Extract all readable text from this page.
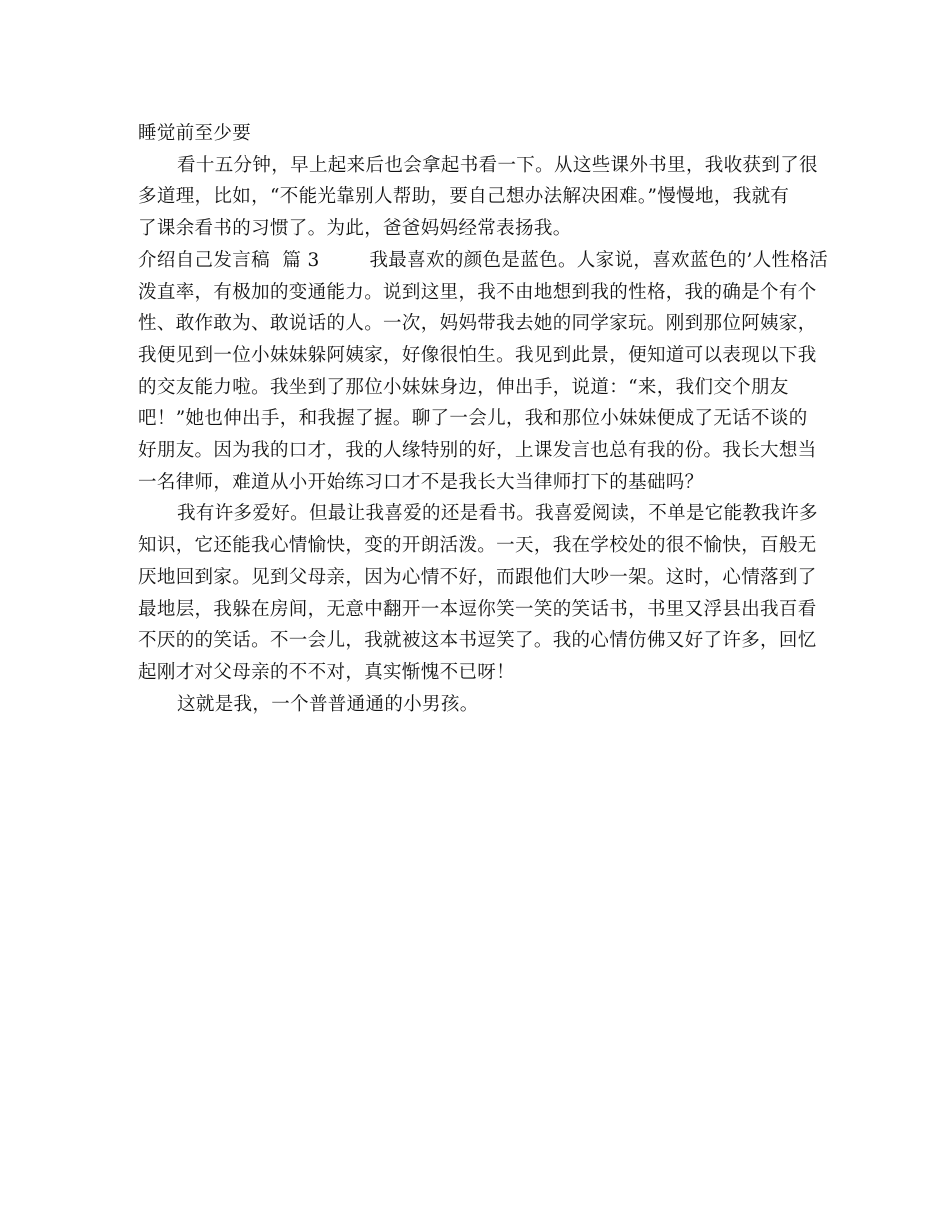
睡觉前至少要
看十五分钟，早上起来后也会拿起书看一下。从这些课外书里，我收获到了很
多道理，比如，“不能光靠别人帮助，要自己想办法解决困难。”慢慢地，我就有
了课余看书的习惯了。为此，爸爸妈妈经常表扬我。
介绍自己发言稿  篇 3        我最喜欢的颜色是蓝色。人家说，喜欢蓝色的’人性格活
泼直率，有极加的变通能力。说到这里，我不由地想到我的性格，我的确是个有个
性、敢作敢为、敢说话的人。一次，妈妈带我去她的同学家玩。刚到那位阿姨家，
我便见到一位小妹妹躲阿姨家，好像很怕生。我见到此景，便知道可以表现以下我
的交友能力啦。我坐到了那位小妹妹身边，伸出手，说道：“来，我们交个朋友
吧！”她也伸出手，和我握了握。聊了一会儿，我和那位小妹妹便成了无话不谈的
好朋友。因为我的口才，我的人缘特别的好，上课发言也总有我的份。我长大想当
一名律师，难道从小开始练习口才不是我长大当律师打下的基础吗？
我有许多爱好。但最让我喜爱的还是看书。我喜爱阅读，不单是它能教我许多
知识，它还能我心情愉快，变的开朗活泼。一天，我在学校处的很不愉快，百般无
厌地回到家。见到父母亲，因为心情不好，而跟他们大吵一架。这时，心情落到了
最地层，我躲在房间，无意中翻开一本逗你笑一笑的笑话书，书里又浮县出我百看
不厌的的笑话。不一会儿，我就被这本书逗笑了。我的心情仿佛又好了许多，回忆
起刚才对父母亲的不不对，真实惭愧不已呀！
这就是我，一个普普通通的小男孩。
